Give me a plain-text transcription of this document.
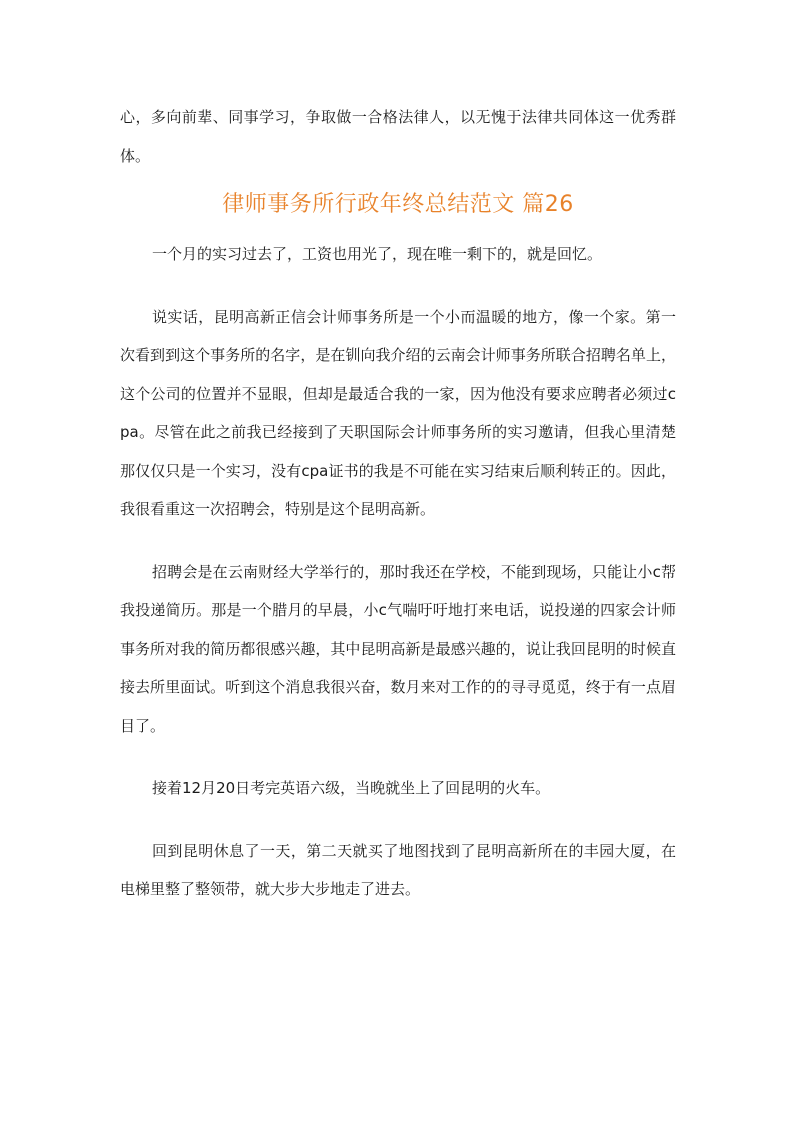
心，多向前辈、同事学习，争取做一合格法律人，以无愧于法律共同体这一优秀群体。

律师事务所行政年终总结范文 篇26

一个月的实习过去了，工资也用光了，现在唯一剩下的，就是回忆。

说实话，昆明高新正信会计师事务所是一个小而温暖的地方，像一个家。第一次看到到这个事务所的名字，是在钏向我介绍的云南会计师事务所联合招聘名单上，这个公司的位置并不显眼，但却是最适合我的一家，因为他没有要求应聘者必须过cpa。尽管在此之前我已经接到了天职国际会计师事务所的实习邀请，但我心里清楚那仅仅只是一个实习，没有cpa证书的我是不可能在实习结束后顺利转正的。因此，我很看重这一次招聘会，特别是这个昆明高新。

招聘会是在云南财经大学举行的，那时我还在学校，不能到现场，只能让小c帮我投递简历。那是一个腊月的早晨，小c气喘吁吁地打来电话，说投递的四家会计师事务所对我的简历都很感兴趣，其中昆明高新是最感兴趣的，说让我回昆明的时候直接去所里面试。听到这个消息我很兴奋，数月来对工作的的寻寻觅觅，终于有一点眉目了。

接着12月20日考完英语六级，当晚就坐上了回昆明的火车。

回到昆明休息了一天，第二天就买了地图找到了昆明高新所在的丰园大厦，在电梯里整了整领带，就大步大步地走了进去。
